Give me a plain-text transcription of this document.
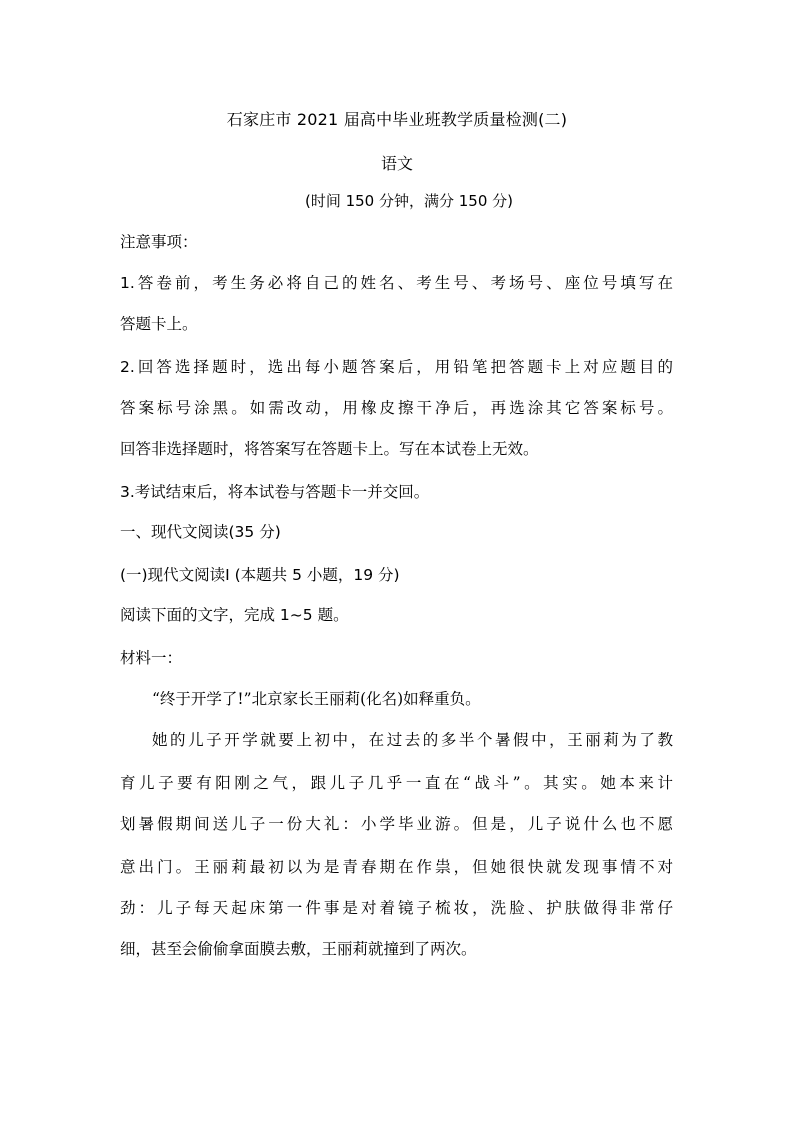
石家庄市 2021 届高中毕业班教学质量检测(二)
语文
(时间 150 分钟，满分 150 分)
注意事项：
1.答卷前，考生务必将自己的姓名、考生号、考场号、座位号填写在
答题卡上。
2.回答选择题时，选出每小题答案后，用铅笔把答题卡上对应题目的
答案标号涂黑。如需改动，用橡皮擦干净后，再选涂其它答案标号。
回答非选择题时，将答案写在答题卡上。写在本试卷上无效。
3.考试结束后，将本试卷与答题卡一并交回。
一、现代文阅读(35 分)
(一)现代文阅读Ⅰ (本题共 5 小题，19 分)
阅读下面的文字，完成 1~5 题。
材料一：
“终于开学了!”北京家长王丽莉(化名)如释重负。
她的儿子开学就要上初中，在过去的多半个暑假中，王丽莉为了教
育儿子要有阳刚之气，跟儿子几乎一直在“战斗”。其实。她本来计
划暑假期间送儿子一份大礼：小学毕业游。但是，儿子说什么也不愿
意出门。王丽莉最初以为是青春期在作祟，但她很快就发现事情不对
劲：儿子每天起床第一件事是对着镜子梳妆，洗脸、护肤做得非常仔
细，甚至会偷偷拿面膜去敷，王丽莉就撞到了两次。
